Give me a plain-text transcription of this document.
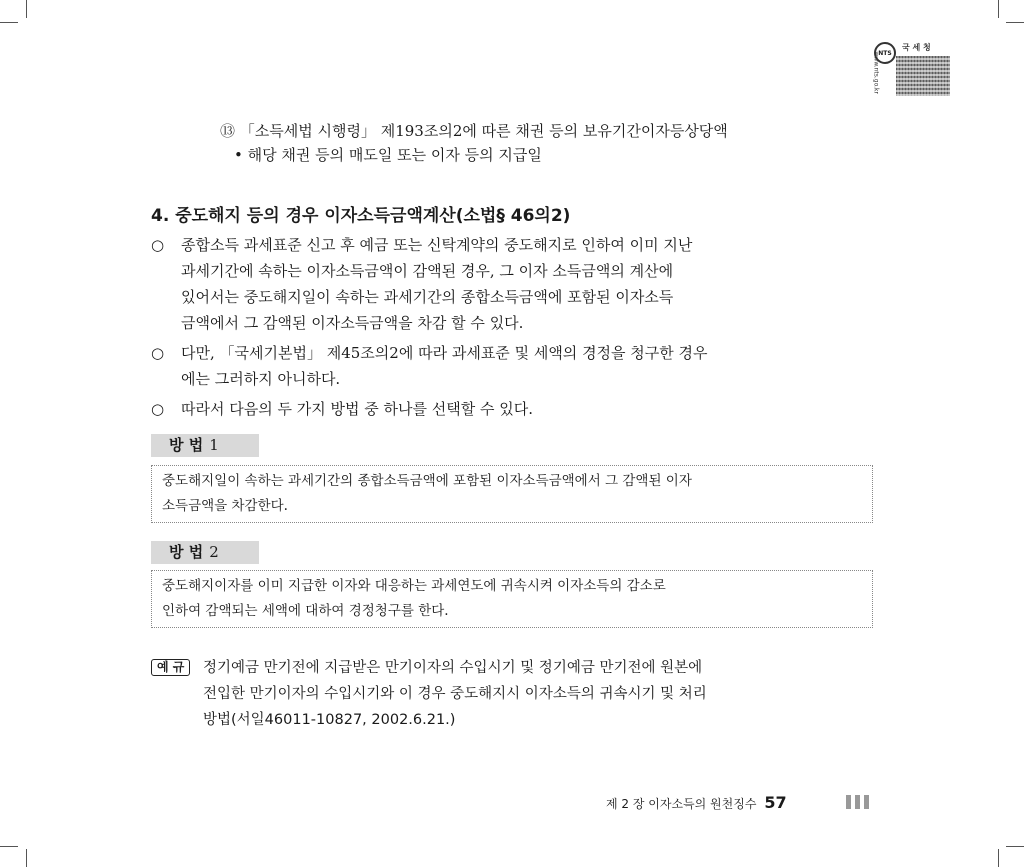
NTS
국 세 청
www.nts.go.kr
⑬ 「소득세법 시행령」 제193조의2에 따른 채권 등의 보유기간이자등상당액
• 해당 채권 등의 매도일 또는 이자 등의 지급일
4. 중도해지 등의 경우 이자소득금액계산(소법§ 46의2)
○	종합소득 과세표준 신고 후 예금 또는 신탁계약의 중도해지로 인하여 이미 지난
과세기간에 속하는 이자소득금액이 감액된 경우, 그 이자 소득금액의 계산에
있어서는 중도해지일이 속하는 과세기간의 종합소득금액에 포함된 이자소득
금액에서 그 감액된 이자소득금액을 차감 할 수 있다.
○	다만, 「국세기본법」 제45조의2에 따라 과세표준 및 세액의 경정을 청구한 경우
에는 그러하지 아니하다.
○	따라서 다음의 두 가지 방법 중 하나를 선택할 수 있다.
방 법 1
중도해지일이 속하는 과세기간의 종합소득금액에 포함된 이자소득금액에서 그 감액된 이자
소득금액을 차감한다.
방 법 2
중도해지이자를 이미 지급한 이자와 대응하는 과세연도에 귀속시켜 이자소득의 감소로
인하여 감액되는 세액에 대하여 경정청구를 한다.
예 규	정기예금 만기전에 지급받은 만기이자의 수입시기 및 정기예금 만기전에 원본에
전입한 만기이자의 수입시기와 이 경우 중도해지시 이자소득의 귀속시기 및 처리
방법(서일46011-10827, 2002.6.21.)
제 2 장 이자소득의 원천징수 57
